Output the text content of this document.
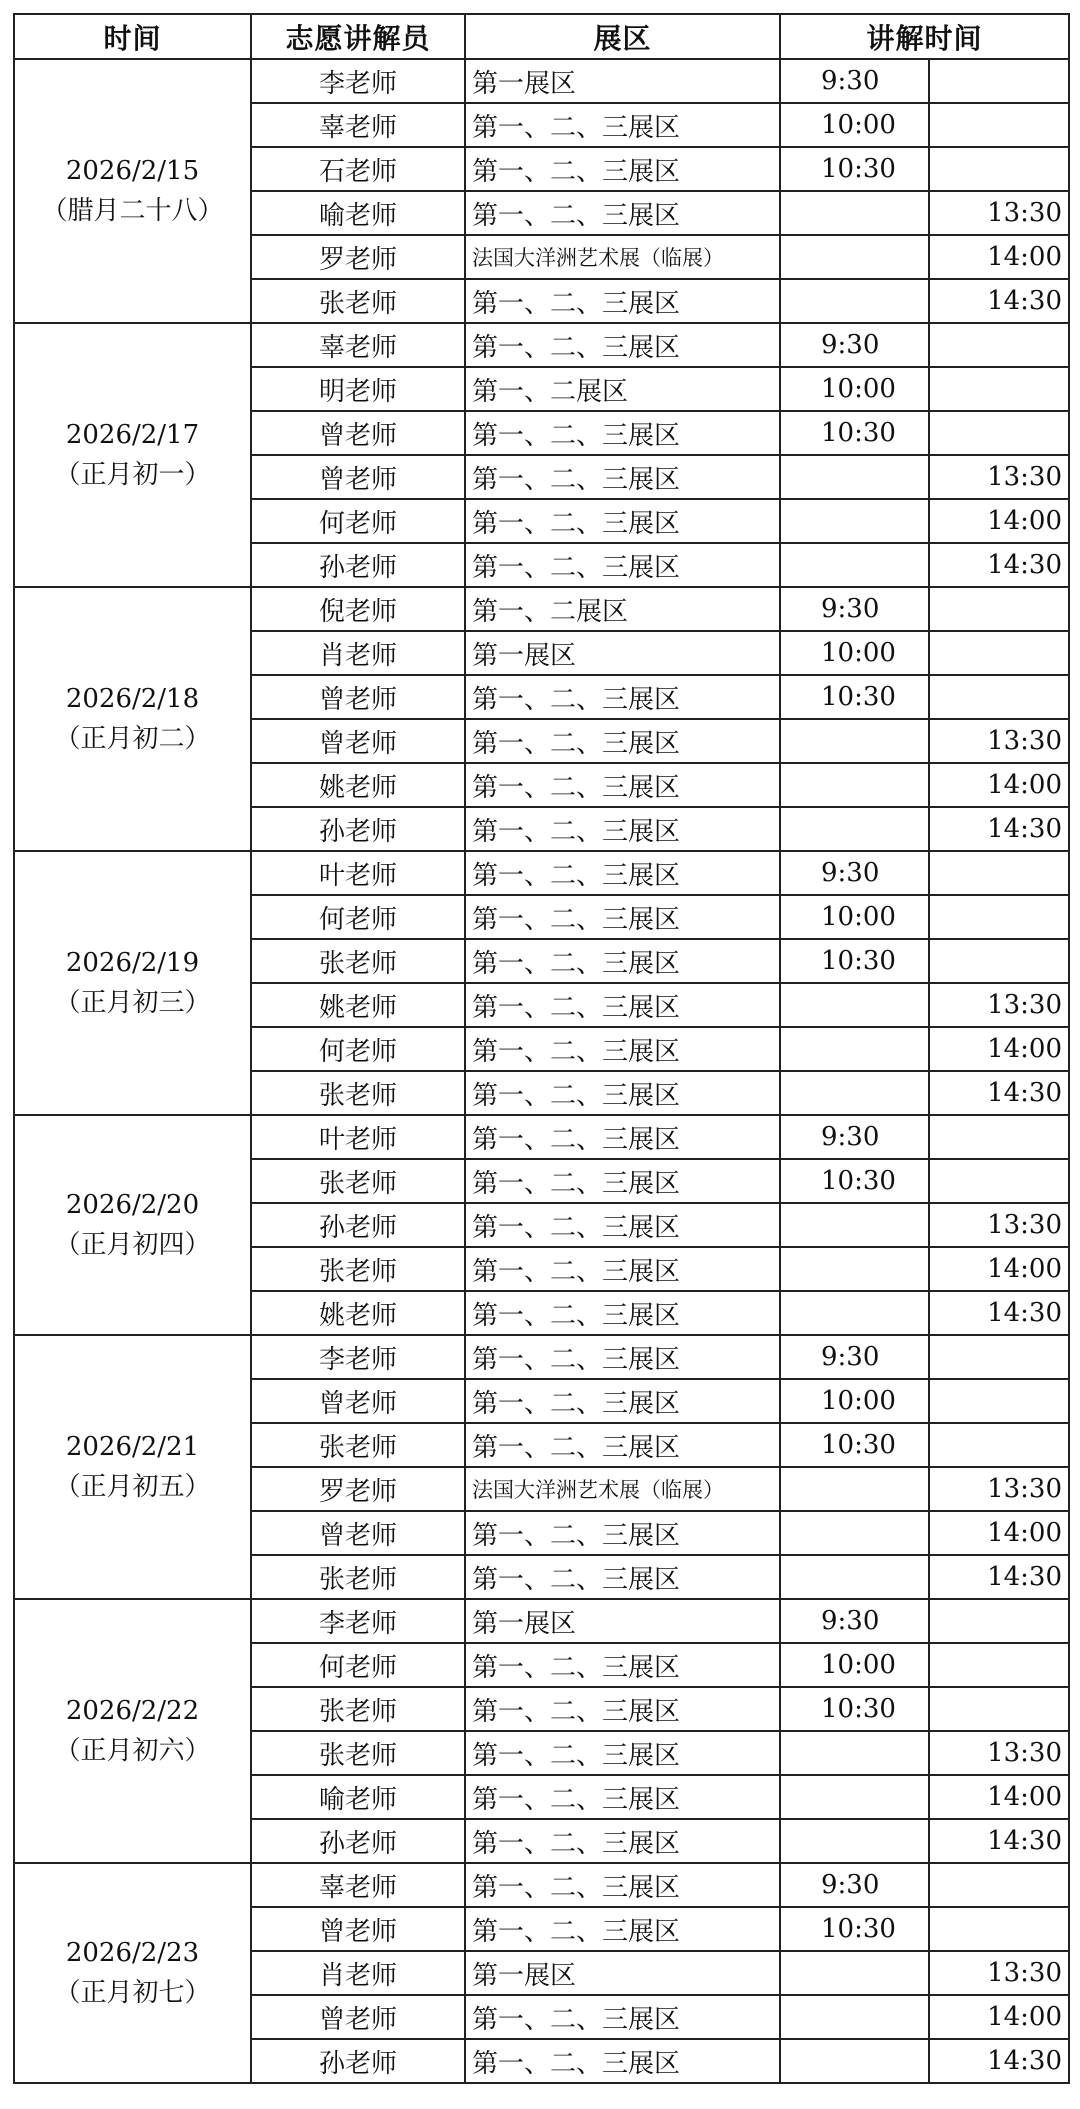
时间	志愿讲解员	展区	讲解时间	

2026/2/15
（腊月二十八）	李老师	第一展区	9:30	
	辜老师	第一、二、三展区	10:00	
	石老师	第一、二、三展区	10:30	
	喻老师	第一、二、三展区		13:30
	罗老师	法国大洋洲艺术展（临展）		14:00
	张老师	第一、二、三展区		14:30

2026/2/17
（正月初一）	辜老师	第一、二、三展区	9:30	
	明老师	第一、二展区	10:00	
	曾老师	第一、二、三展区	10:30	
	曾老师	第一、二、三展区		13:30
	何老师	第一、二、三展区		14:00
	孙老师	第一、二、三展区		14:30

2026/2/18
（正月初二）	倪老师	第一、二展区	9:30	
	肖老师	第一展区	10:00	
	曾老师	第一、二、三展区	10:30	
	曾老师	第一、二、三展区		13:30
	姚老师	第一、二、三展区		14:00
	孙老师	第一、二、三展区		14:30

2026/2/19
（正月初三）	叶老师	第一、二、三展区	9:30	
	何老师	第一、二、三展区	10:00	
	张老师	第一、二、三展区	10:30	
	姚老师	第一、二、三展区		13:30
	何老师	第一、二、三展区		14:00
	张老师	第一、二、三展区		14:30

2026/2/20
（正月初四）	叶老师	第一、二、三展区	9:30	
	张老师	第一、二、三展区	10:30	
	孙老师	第一、二、三展区		13:30
	张老师	第一、二、三展区		14:00
	姚老师	第一、二、三展区		14:30

2026/2/21
（正月初五）	李老师	第一、二、三展区	9:30	
	曾老师	第一、二、三展区	10:00	
	张老师	第一、二、三展区	10:30	
	罗老师	法国大洋洲艺术展（临展）		13:30
	曾老师	第一、二、三展区		14:00
	张老师	第一、二、三展区		14:30

2026/2/22
（正月初六）	李老师	第一展区	9:30	
	何老师	第一、二、三展区	10:00	
	张老师	第一、二、三展区	10:30	
	张老师	第一、二、三展区		13:30
	喻老师	第一、二、三展区		14:00
	孙老师	第一、二、三展区		14:30

2026/2/23
（正月初七）	辜老师	第一、二、三展区	9:30	
	曾老师	第一、二、三展区	10:30	
	肖老师	第一展区		13:30
	曾老师	第一、二、三展区		14:00
	孙老师	第一、二、三展区		14:30
